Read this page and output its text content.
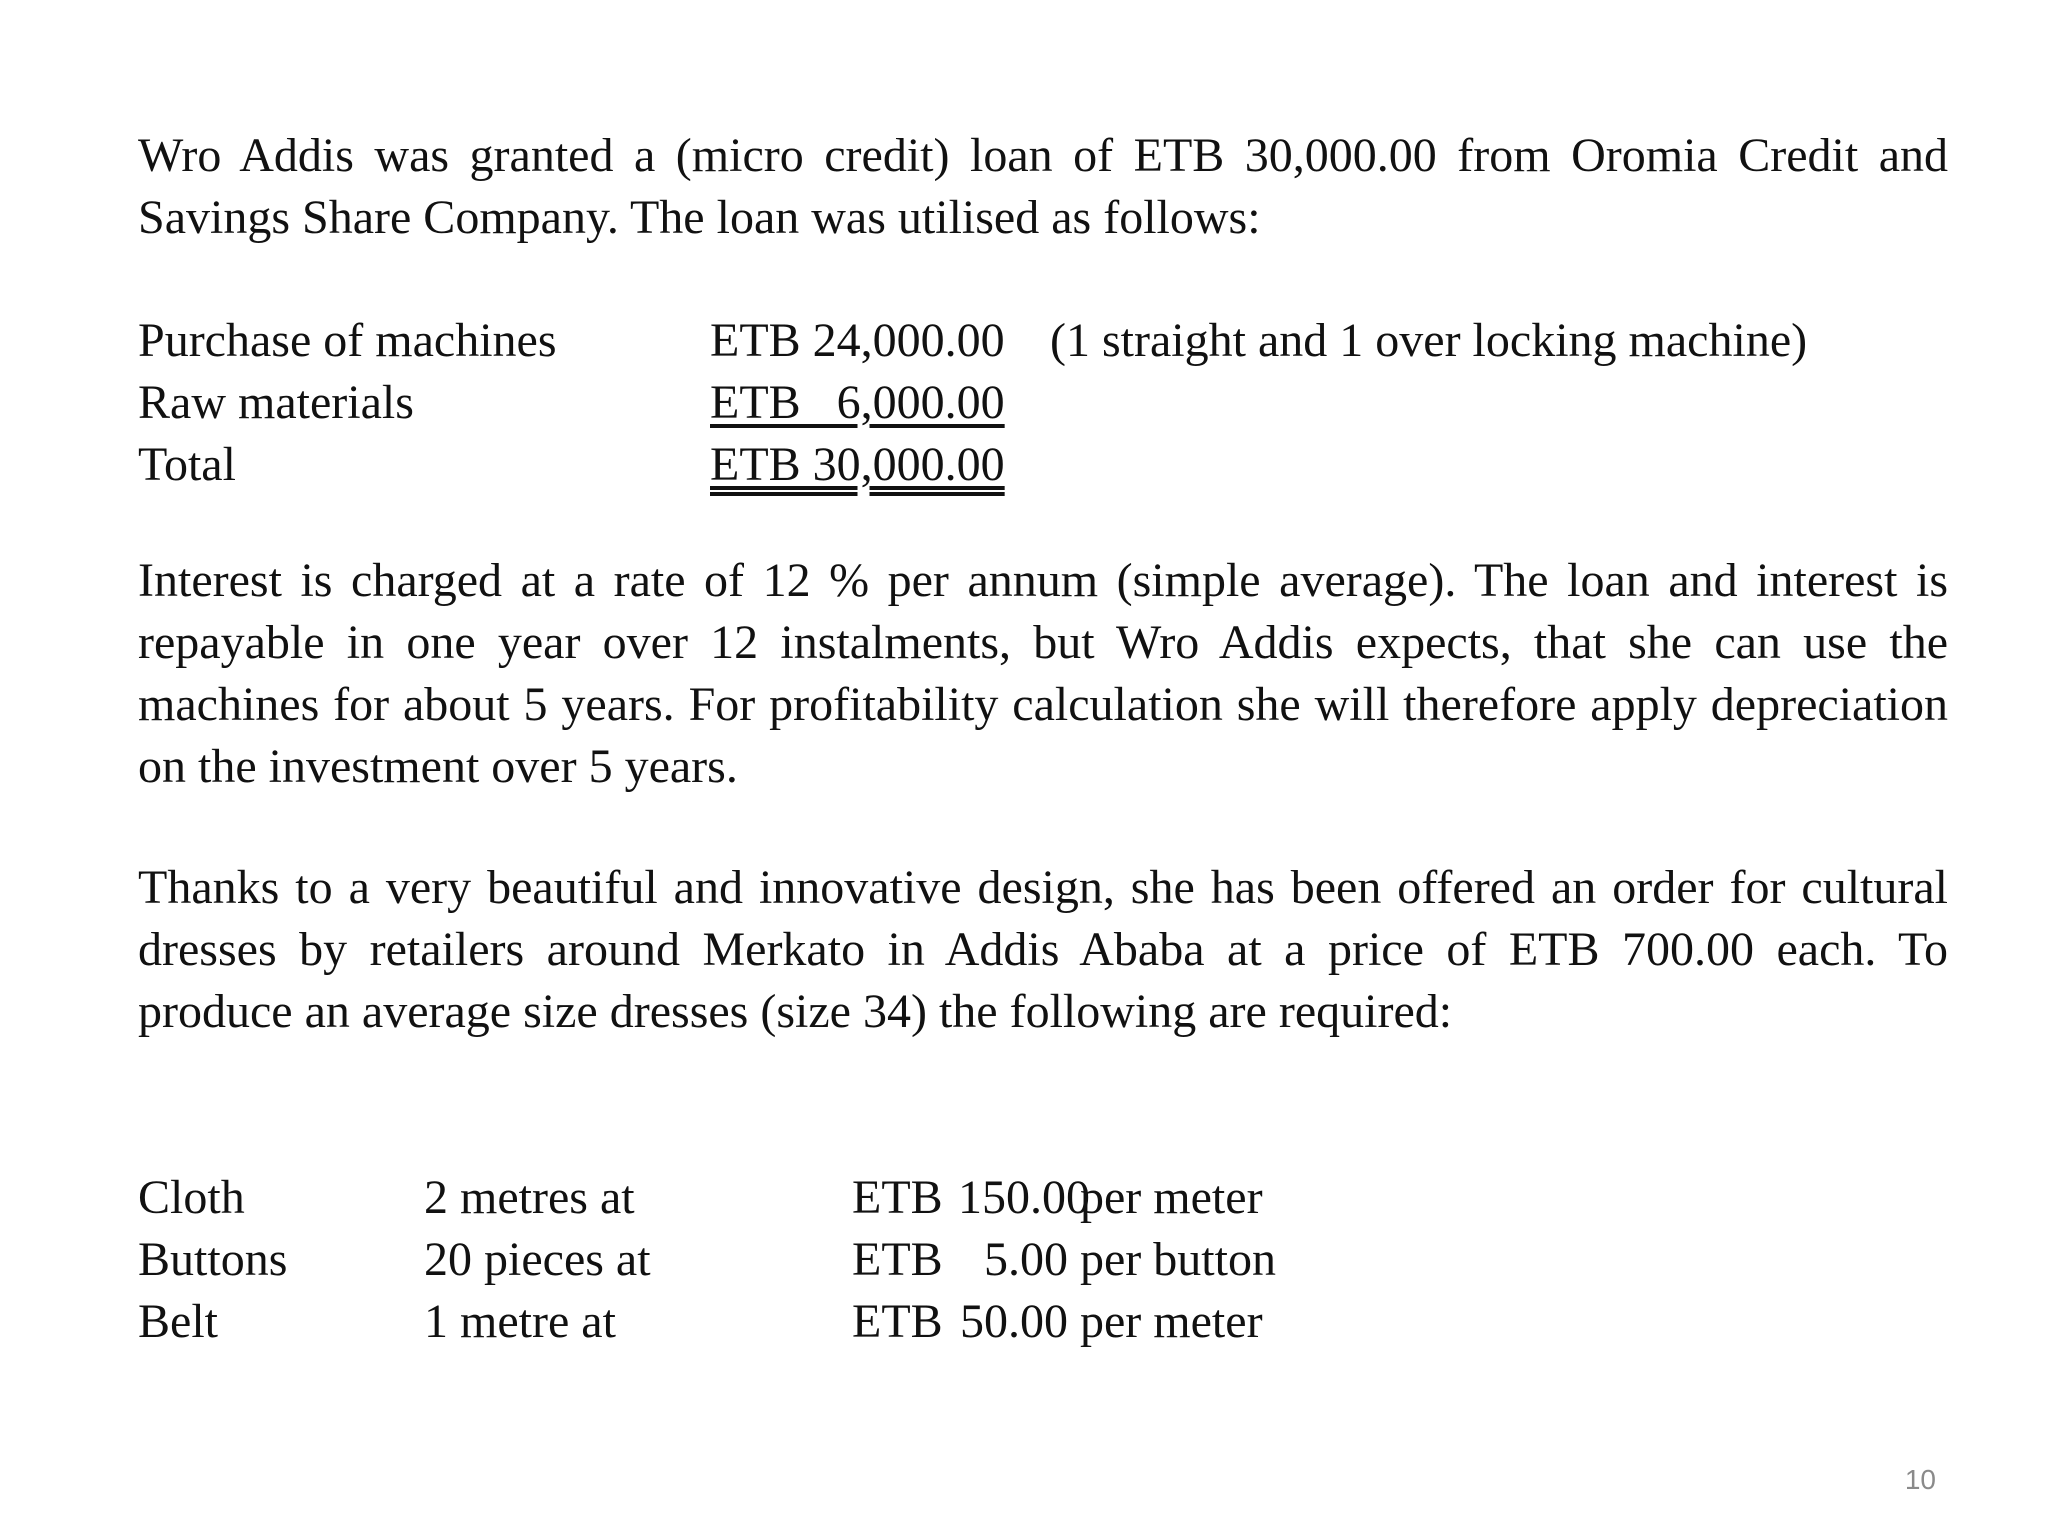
Wro Addis was granted a (micro credit) loan of ETB 30,000.00 from Oromia Credit and Savings Share Company. The loan was utilised as follows:

Purchase of machines	ETB 24,000.00 (1 straight and 1 over locking machine)
Raw materials	ETB   6,000.00
Total	ETB 30,000.00

Interest is charged at a rate of 12 % per annum (simple average). The loan and interest is repayable in one year over 12 instalments, but Wro Addis expects, that she can use the machines for about 5 years. For profitability calculation she will therefore apply depreciation on the investment over 5 years.

Thanks to a very beautiful and innovative design, she has been offered an order for cultural dresses by retailers around Merkato in Addis Ababa at a price of ETB 700.00 each. To produce an average size dresses (size 34) the following are required:

Cloth	2 metres at	ETB 150.00per meter
Buttons	20 pieces at	ETB 5.00 per button
Belt	1 metre at	ETB 50.00 per meter
10
